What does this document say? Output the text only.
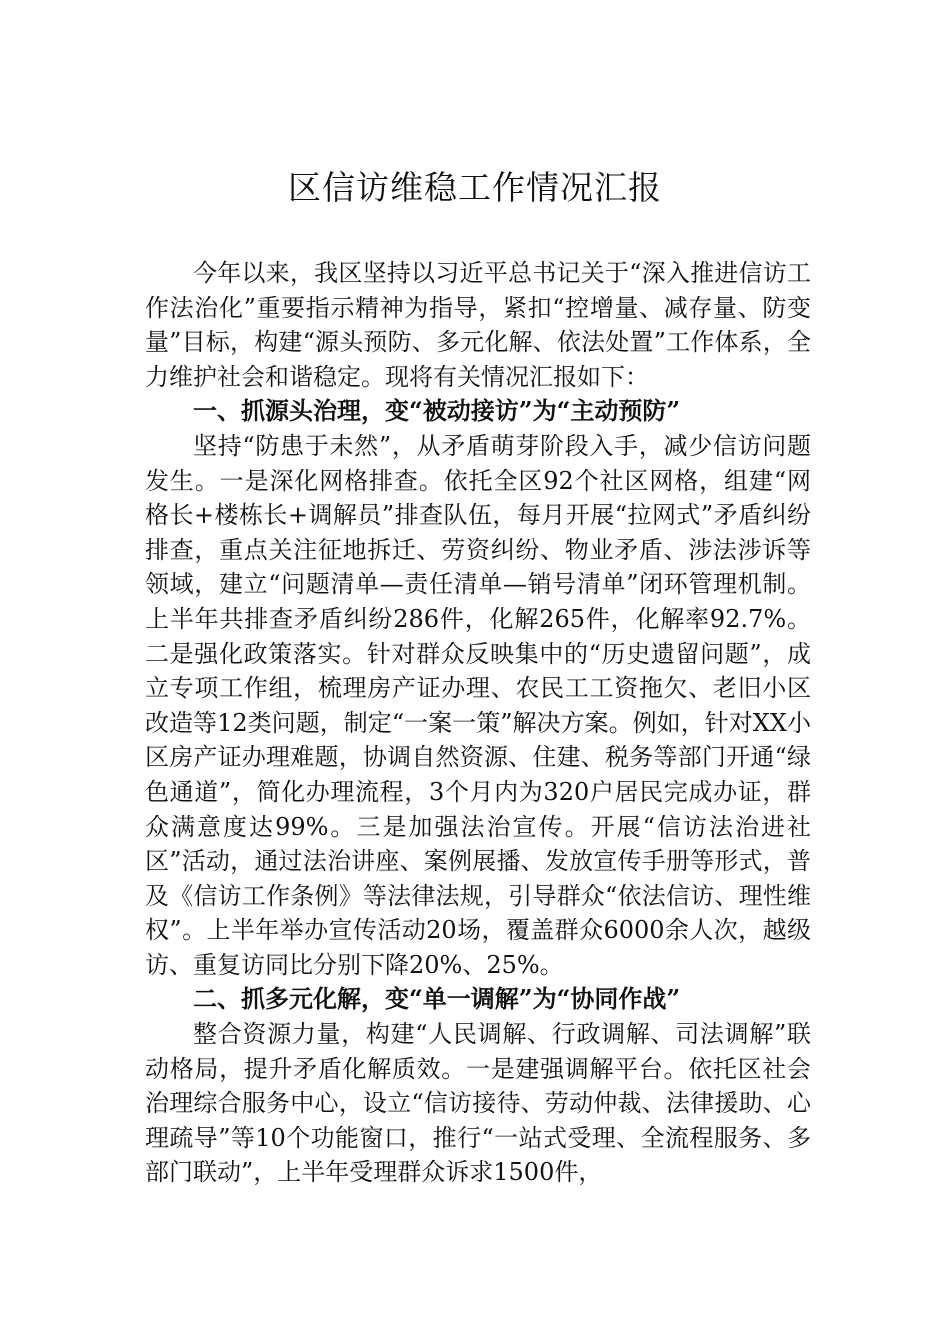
区信访维稳工作情况汇报

今年以来，我区坚持以习近平总书记关于“深入推进信访工作法治化”重要指示精神为指导，紧扣“控增量、减存量、防变量”目标，构建“源头预防、多元化解、依法处置”工作体系，全力维护社会和谐稳定。现将有关情况汇报如下：

一、抓源头治理，变“被动接访”为“主动预防”

坚持“防患于未然”，从矛盾萌芽阶段入手，减少信访问题发生。一是深化网格排查。依托全区92个社区网格，组建“网格长+楼栋长+调解员”排查队伍，每月开展“拉网式”矛盾纠纷排查，重点关注征地拆迁、劳资纠纷、物业矛盾、涉法涉诉等领域，建立“问题清单—责任清单—销号清单”闭环管理机制。上半年共排查矛盾纠纷286件，化解265件，化解率92.7%。二是强化政策落实。针对群众反映集中的“历史遗留问题”，成立专项工作组，梳理房产证办理、农民工工资拖欠、老旧小区改造等12类问题，制定“一案一策”解决方案。例如，针对XX小区房产证办理难题，协调自然资源、住建、税务等部门开通“绿色通道”，简化办理流程，3个月内为320户居民完成办证，群众满意度达99%。三是加强法治宣传。开展“信访法治进社区”活动，通过法治讲座、案例展播、发放宣传手册等形式，普及《信访工作条例》等法律法规，引导群众“依法信访、理性维权”。上半年举办宣传活动20场，覆盖群众6000余人次，越级访、重复访同比分别下降20%、25%。

二、抓多元化解，变“单一调解”为“协同作战”

整合资源力量，构建“人民调解、行政调解、司法调解”联动格局，提升矛盾化解质效。一是建强调解平台。依托区社会治理综合服务中心，设立“信访接待、劳动仲裁、法律援助、心理疏导”等10个功能窗口，推行“一站式受理、全流程服务、多部门联动”，上半年受理群众诉求1500件，
